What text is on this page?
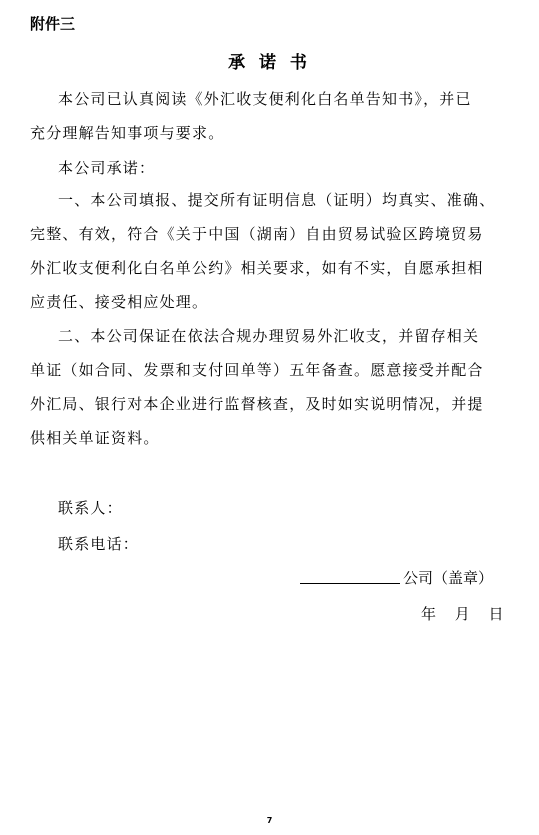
附件三
承 诺 书
本公司已认真阅读《外汇收支便利化白名单告知书》，并已
充分理解告知事项与要求。
本公司承诺：
一、本公司填报、提交所有证明信息（证明）均真实、准确、
完整、有效，符合《关于中国（湖南）自由贸易试验区跨境贸易
外汇收支便利化白名单公约》相关要求，如有不实，自愿承担相
应责任、接受相应处理。
二、本公司保证在依法合规办理贸易外汇收支，并留存相关
单证（如合同、发票和支付回单等）五年备查。愿意接受并配合
外汇局、银行对本企业进行监督核查，及时如实说明情况，并提
供相关单证资料。
联系人：
联系电话：
公司（盖章）
年 月 日
7
